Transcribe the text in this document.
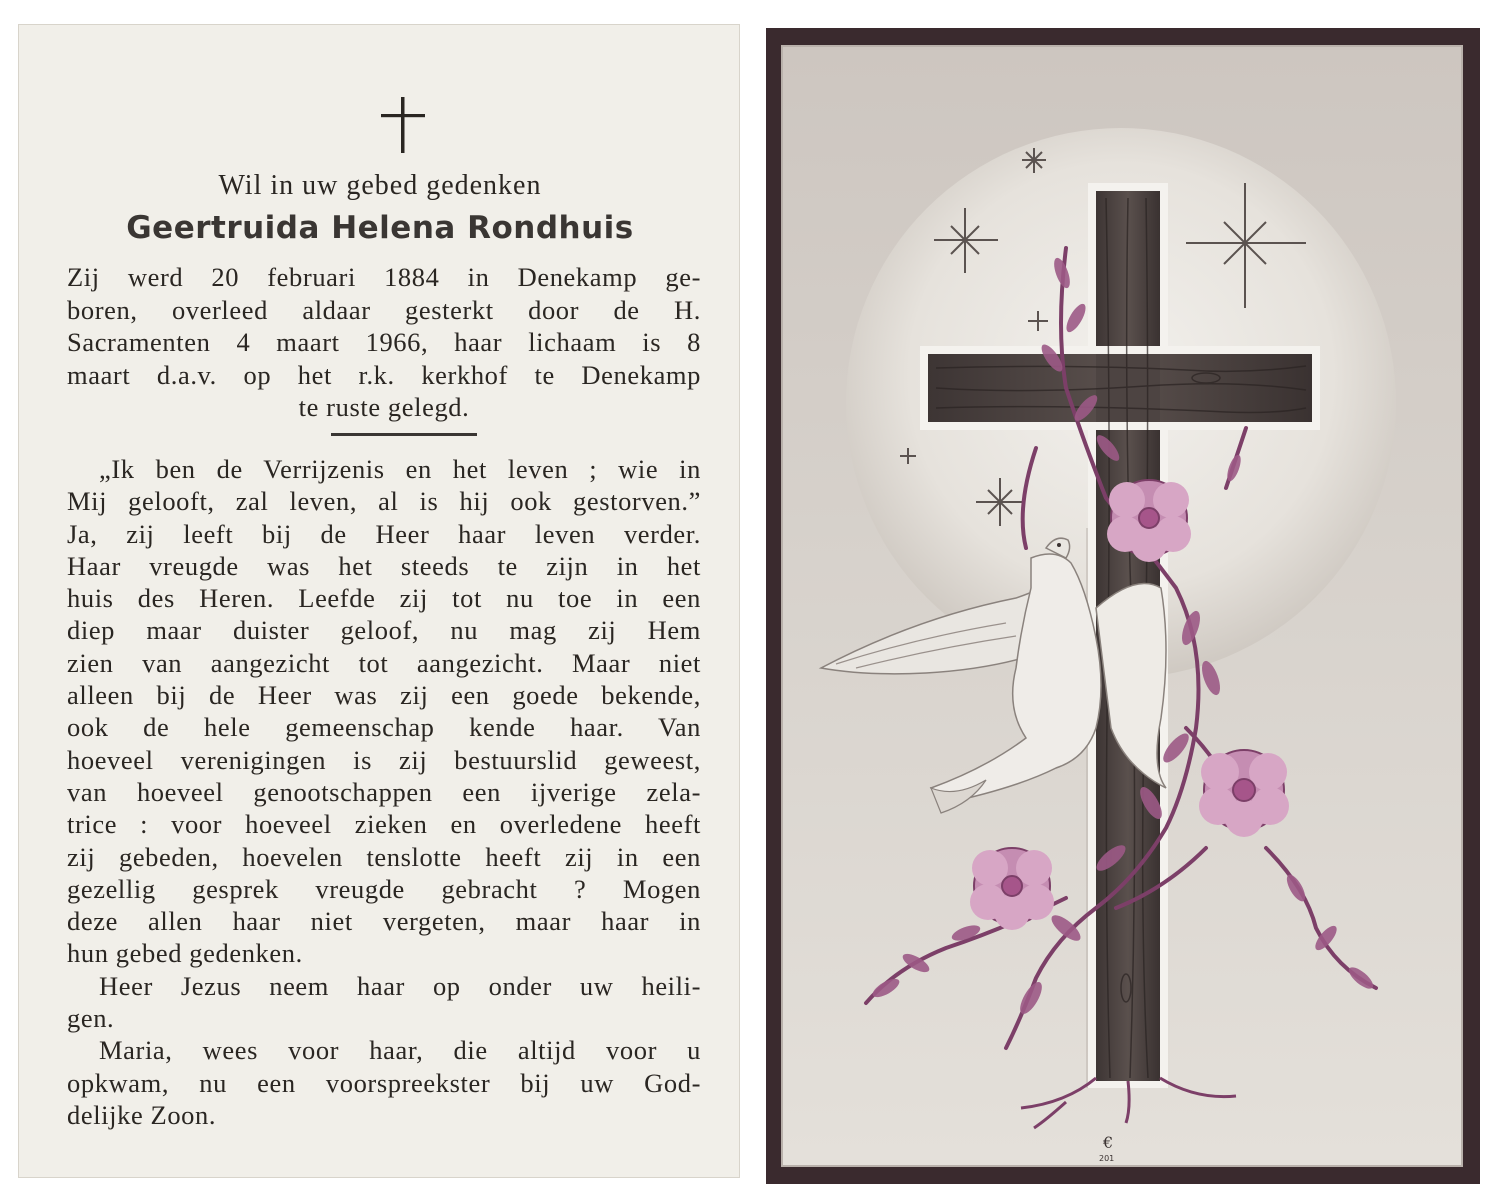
Wil in uw gebed gedenken
Geertruida Helena Rondhuis
Zij werd 20 februari 1884 in Denekamp ge-
boren, overleed aldaar gesterkt door de H.
Sacramenten 4 maart 1966, haar lichaam is 8
maart d.a.v. op het r.k. kerkhof te Denekamp
te ruste gelegd.
„Ik ben de Verrijzenis en het leven ; wie in
Mij gelooft, zal leven, al is hij ook gestorven.”
Ja, zij leeft bij de Heer haar leven verder.
Haar vreugde was het steeds te zijn in het
huis des Heren. Leefde zij tot nu toe in een
diep maar duister geloof, nu mag zij Hem
zien van aangezicht tot aangezicht. Maar niet
alleen bij de Heer was zij een goede bekende,
ook de hele gemeenschap kende haar. Van
hoeveel verenigingen is zij bestuurslid geweest,
van hoeveel genootschappen een ijverige zela-
trice : voor hoeveel zieken en overledene heeft
zij gebeden, hoevelen tenslotte heeft zij in een
gezellig gesprek vreugde gebracht ? Mogen
deze allen haar niet vergeten, maar haar in
hun gebed gedenken.
Heer Jezus neem haar op onder uw heili-
gen.
Maria, wees voor haar, die altijd voor u
opkwam, nu een voorspreekster bij uw God-
delijke Zoon.
€
201
